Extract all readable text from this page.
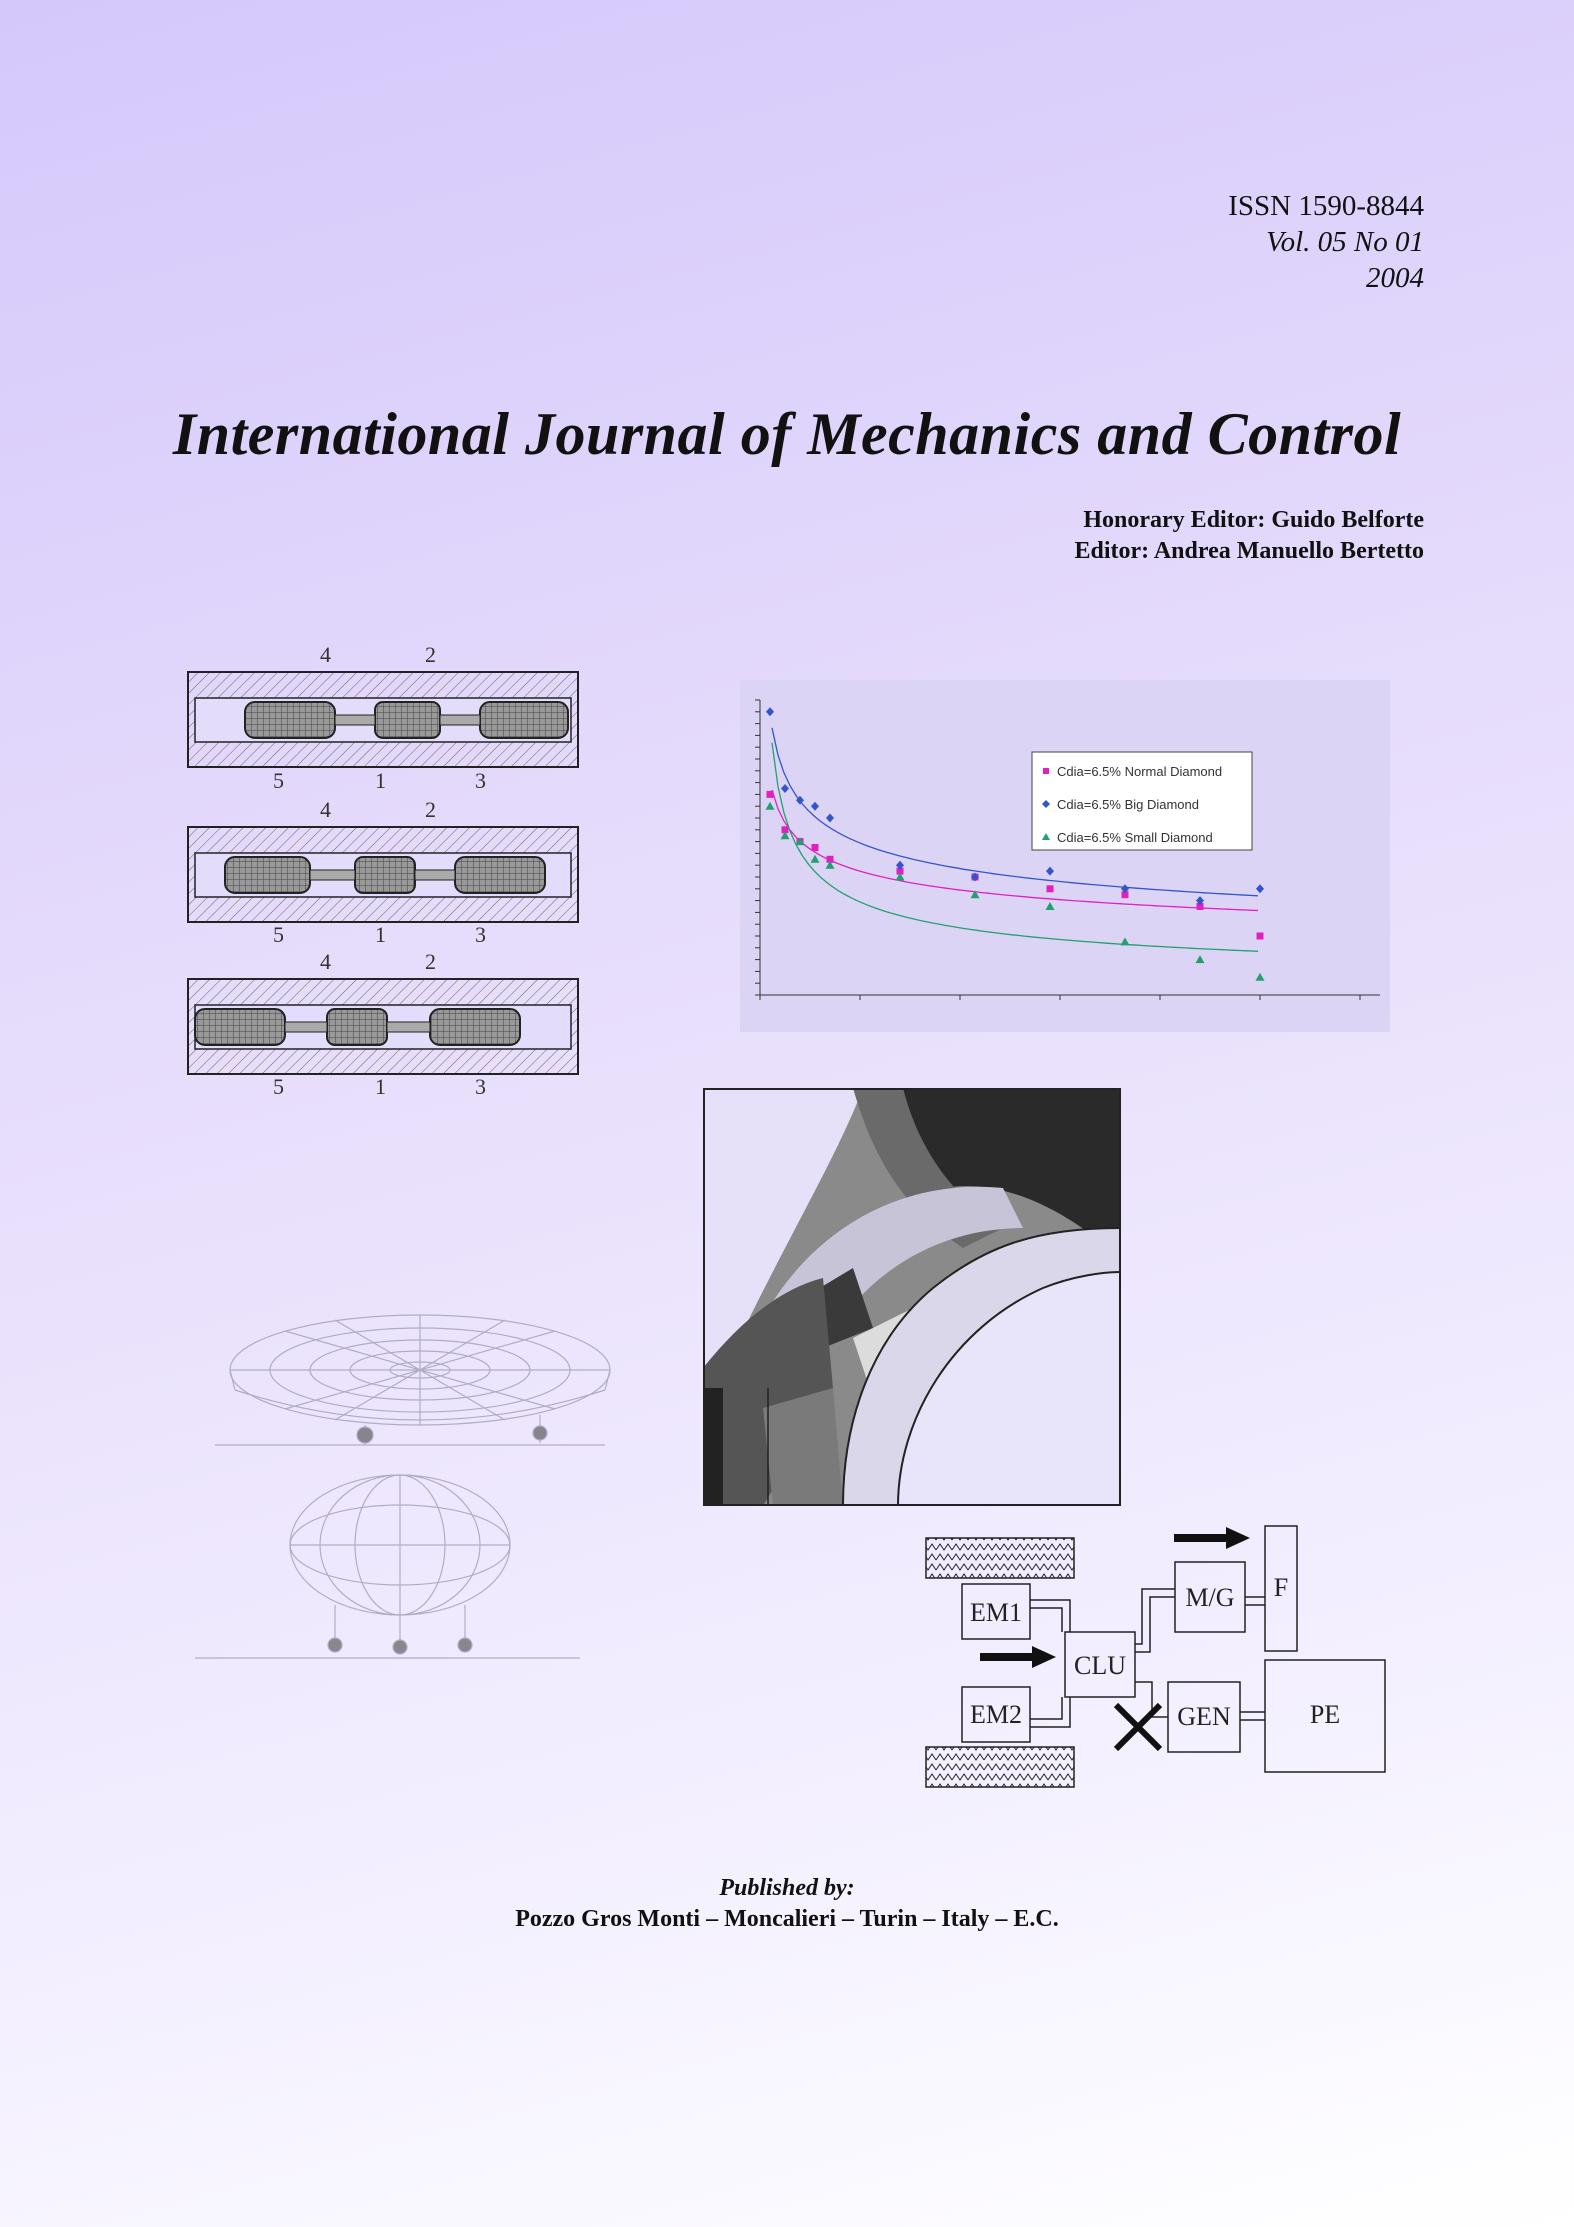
ISSN 1590-8844
Vol. 05 No 01
2004
International Journal of Mechanics and Control
Honorary Editor: Guido Belforte
Editor: Andrea Manuello Bertetto
4	2
5	1	3
4	2
5	1	3
4	2
5	1	3
Cdia=6.5% Normal Diamond
Cdia=6.5% Big Diamond
Cdia=6.5% Small Diamond
EM1
EM2
CLU
M/G F
GEN	PE
Published by:
Pozzo Gros Monti – Moncalieri – Turin – Italy – E.C.
